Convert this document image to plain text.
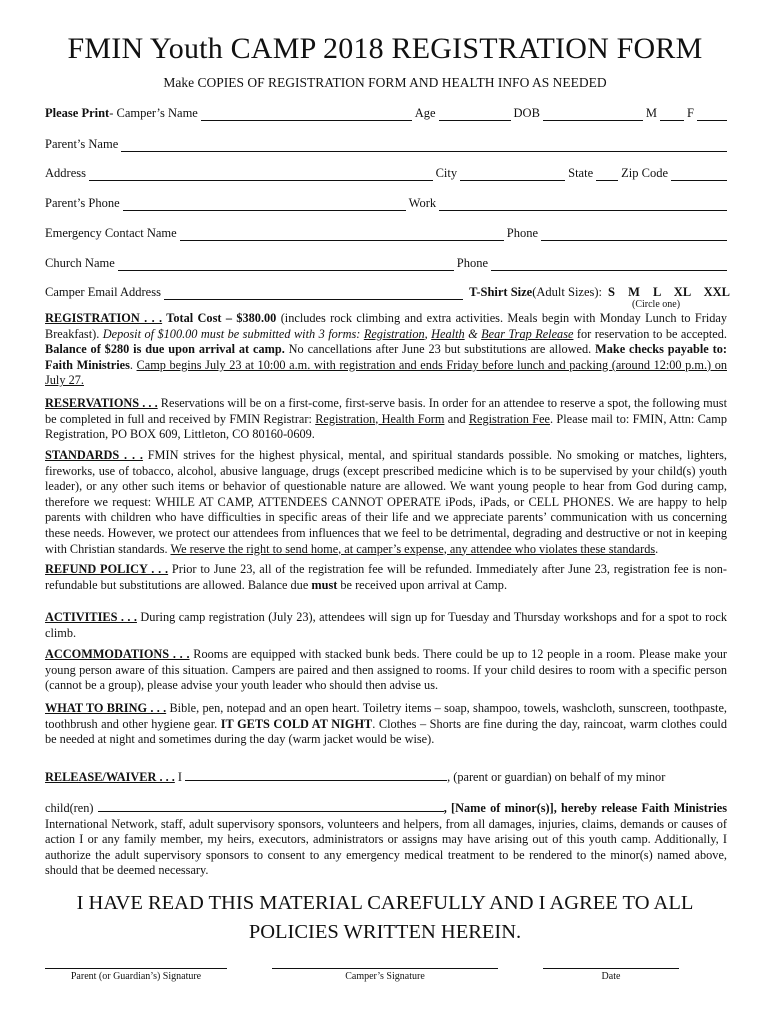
FMIN Youth CAMP 2018 REGISTRATION FORM
Make COPIES OF REGISTRATION FORM AND HEALTH INFO AS NEEDED
Please Print - Camper’s Name	Age	DOB	M F
Parent’s Name
Address	City	State Zip Code
Parent’s Phone	Work
Emergency Contact Name	Phone
Church Name	Phone
Camper Email Address	T-Shirt Size (Adult Sizes): S M L XL XXL
(Circle one)
REGISTRATION . . . Total Cost – $380.00 (includes rock climbing and extra activities. Meals begin with Monday Lunch to Friday Breakfast). Deposit of $100.00 must be submitted with 3 forms: Registration, Health & Bear Trap Release for reservation to be accepted. Balance of $280 is due upon arrival at camp. No cancellations after June 23 but substitutions are allowed. Make checks payable to: Faith Ministries. Camp begins July 23 at 10:00 a.m. with registration and ends Friday before lunch and packing (around 12:00 p.m.) on July 27.
RESERVATIONS . . . Reservations will be on a first-come, first-serve basis. In order for an attendee to reserve a spot, the following must be completed in full and received by FMIN Registrar: Registration, Health Form and Registration Fee. Please mail to: FMIN, Attn: Camp Registration, PO BOX 609, Littleton, CO 80160-0609.
STANDARDS . . . FMIN strives for the highest physical, mental, and spiritual standards possible. No smoking or matches, lighters, fireworks, use of tobacco, alcohol, abusive language, drugs (except prescribed medicine which is to be supervised by your child(s) youth leader), or any other such items or behavior of questionable nature are allowed. We want young people to hear from God during camp, therefore we request: WHILE AT CAMP, ATTENDEES CANNOT OPERATE iPods, iPads, or CELL PHONES. We are happy to help parents with children who have difficulties in specific areas of their life and we appreciate parents’ communication with us concerning these needs. However, we protect our attendees from influences that we feel to be detrimental, degrading and destructive or not in keeping with Christian standards. We reserve the right to send home, at camper’s expense, any attendee who violates these standards.
REFUND POLICY . . . Prior to June 23, all of the registration fee will be refunded. Immediately after June 23, registration fee is non-refundable but substitutions are allowed. Balance due must be received upon arrival at Camp.
ACTIVITIES . . . During camp registration (July 23), attendees will sign up for Tuesday and Thursday workshops and for a spot to rock climb.
ACCOMMODATIONS . . . Rooms are equipped with stacked bunk beds. There could be up to 12 people in a room. Please make your young person aware of this situation. Campers are paired and then assigned to rooms. If your child desires to room with a specific person (cannot be a group), please advise your youth leader who should then advise us.
WHAT TO BRING . . . Bible, pen, notepad and an open heart. Toiletry items – soap, shampoo, towels, washcloth, sunscreen, toothpaste, toothbrush and other hygiene gear. IT GETS COLD AT NIGHT. Clothes – Shorts are fine during the day, raincoat, warm clothes could be needed at night and sometimes during the day (warm jacket would be wise).
RELEASE/WAIVER . . . I	, (parent or guardian) on behalf of my minor
child(ren)	, [Name of minor(s)], hereby release Faith Ministries International Network, staff, adult supervisory sponsors, volunteers and helpers, from all damages, injuries, claims, demands or causes of action I or any family member, my heirs, executors, administrators or assigns may have arising out of this youth camp. Additionally, I authorize the adult supervisory sponsors to consent to any emergency medical treatment to be rendered to the minor(s) named above, should that be deemed necessary.
I HAVE READ THIS MATERIAL CAREFULLY AND I AGREE TO ALL
POLICIES WRITTEN HEREIN.
Parent (or Guardian’s) Signature	Camper’s Signature	Date
